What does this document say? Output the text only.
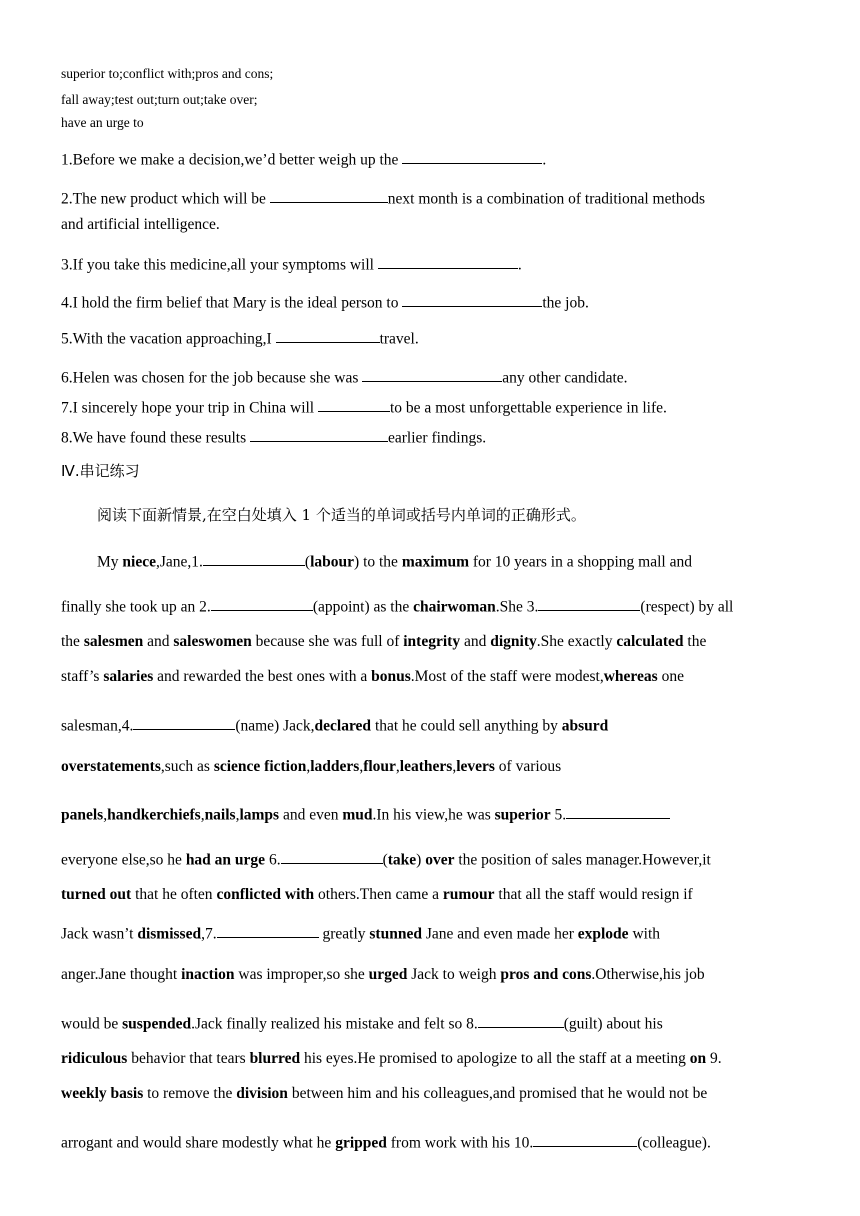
superior to;conflict with;pros and cons;
fall away;test out;turn out;take over;
have an urge to
1.Before we make a decision,we’d better weigh up the	.
2.The new product which will be	next month is a combination of traditional methods
and artificial intelligence.
3.If you take this medicine,all your symptoms will	.
4.I hold the firm belief that Mary is the ideal person to	the job.
5.With the vacation approaching,I	travel.
6.Helen was chosen for the job because she was	any other candidate.
7.I sincerely hope your trip in China will	to be a most unforgettable experience in life.
8.We have found these results	earlier findings.
Ⅳ.串记练习
阅读下面新情景,在空白处填入 1 个适当的单词或括号内单词的正确形式。
My niece,Jane,1.	(labour) to the maximum for 10 years in a shopping mall and
finally she took up an 2.	(appoint) as the chairwoman.She 3.	(respect) by all
the salesmen and saleswomen because she was full of integrity and dignity.She exactly calculated the
staff’s salaries and rewarded the best ones with a bonus.Most of the staff were modest,whereas one
salesman,4.	(name) Jack,declared that he could sell anything by absurd
overstatements,such as science fiction,ladders,flour,leathers,levers of various
panels,handkerchiefs,nails,lamps and even mud.In his view,he was superior 5.
everyone else,so he had an urge 6.	(take) over the position of sales manager.However,it
turned out that he often conflicted with others.Then came a rumour that all the staff would resign if
Jack wasn’t dismissed,7.	greatly stunned Jane and even made her explode with
anger.Jane thought inaction was improper,so she urged Jack to weigh pros and cons.Otherwise,his job
would be suspended.Jack finally realized his mistake and felt so 8.	(guilt) about his
ridiculous behavior that tears blurred his eyes.He promised to apologize to all the staff at a meeting on 9.
weekly basis to remove the division between him and his colleagues,and promised that he would not be
arrogant and would share modestly what he gripped from work with his 10.	(colleague).
